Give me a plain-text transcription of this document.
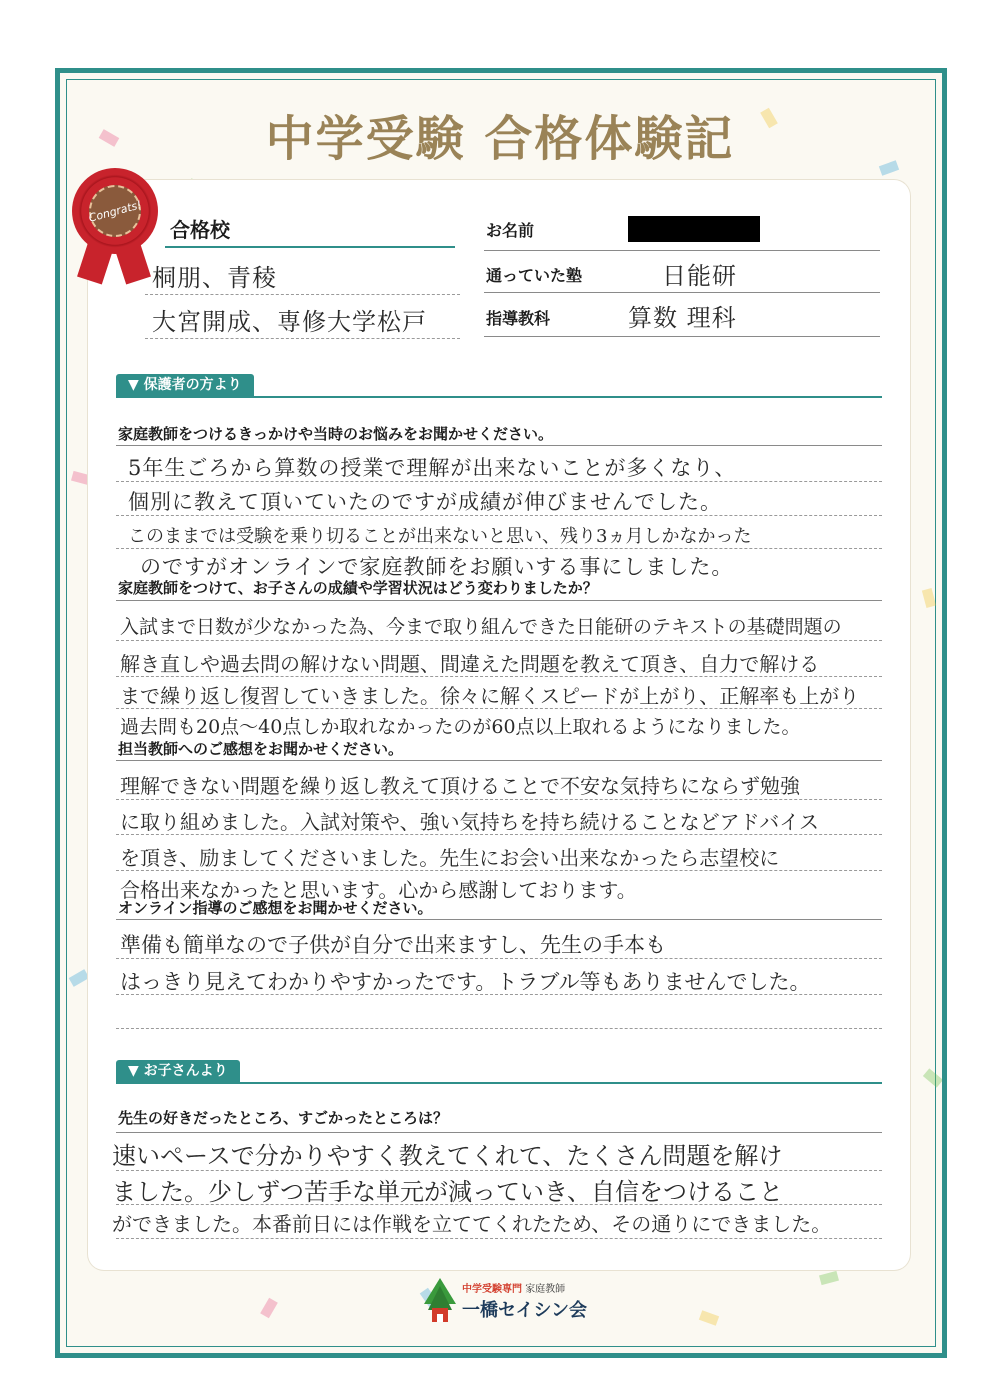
中学受験 合格体験記
Congrats!
合格校
桐朋、青稜
大宮開成、専修大学松戸
お名前
通っていた塾	日能研
指導教科	算数 理科
▼ 保護者の方より
家庭教師をつけるきっかけや当時のお悩みをお聞かせください。
5年生ごろから算数の授業で理解が出来ないことが多くなり、
個別に教えて頂いていたのですが成績が伸びませんでした。
このままでは受験を乗り切ることが出来ないと思い、残り3ヵ月しかなかった
のですがオンラインで家庭教師をお願いする事にしました。
家庭教師をつけて、お子さんの成績や学習状況はどう変わりましたか？
入試まで日数が少なかった為、今まで取り組んできた日能研のテキストの基礎問題の
解き直しや過去問の解けない問題、間違えた問題を教えて頂き、自力で解ける
まで繰り返し復習していきました。徐々に解くスピードが上がり、正解率も上がり
過去問も20点〜40点しか取れなかったのが60点以上取れるようになりました。
担当教師へのご感想をお聞かせください。
理解できない問題を繰り返し教えて頂けることで不安な気持ちにならず勉強
に取り組めました。入試対策や、強い気持ちを持ち続けることなどアドバイス
を頂き、励ましてくださいました。先生にお会い出来なかったら志望校に
合格出来なかったと思います。心から感謝しております。
オンライン指導のご感想をお聞かせください。
準備も簡単なので子供が自分で出来ますし、先生の手本も
はっきり見えてわかりやすかったです。トラブル等もありませんでした。
▼ お子さんより
先生の好きだったところ、すごかったところは？
速いペースで分かりやすく教えてくれて、たくさん問題を解け
ました。少しずつ苦手な単元が減っていき、自信をつけること
ができました。本番前日には作戦を立ててくれたため、その通りにできました。
中学受験専門 家庭教師
一橋セイシン会
